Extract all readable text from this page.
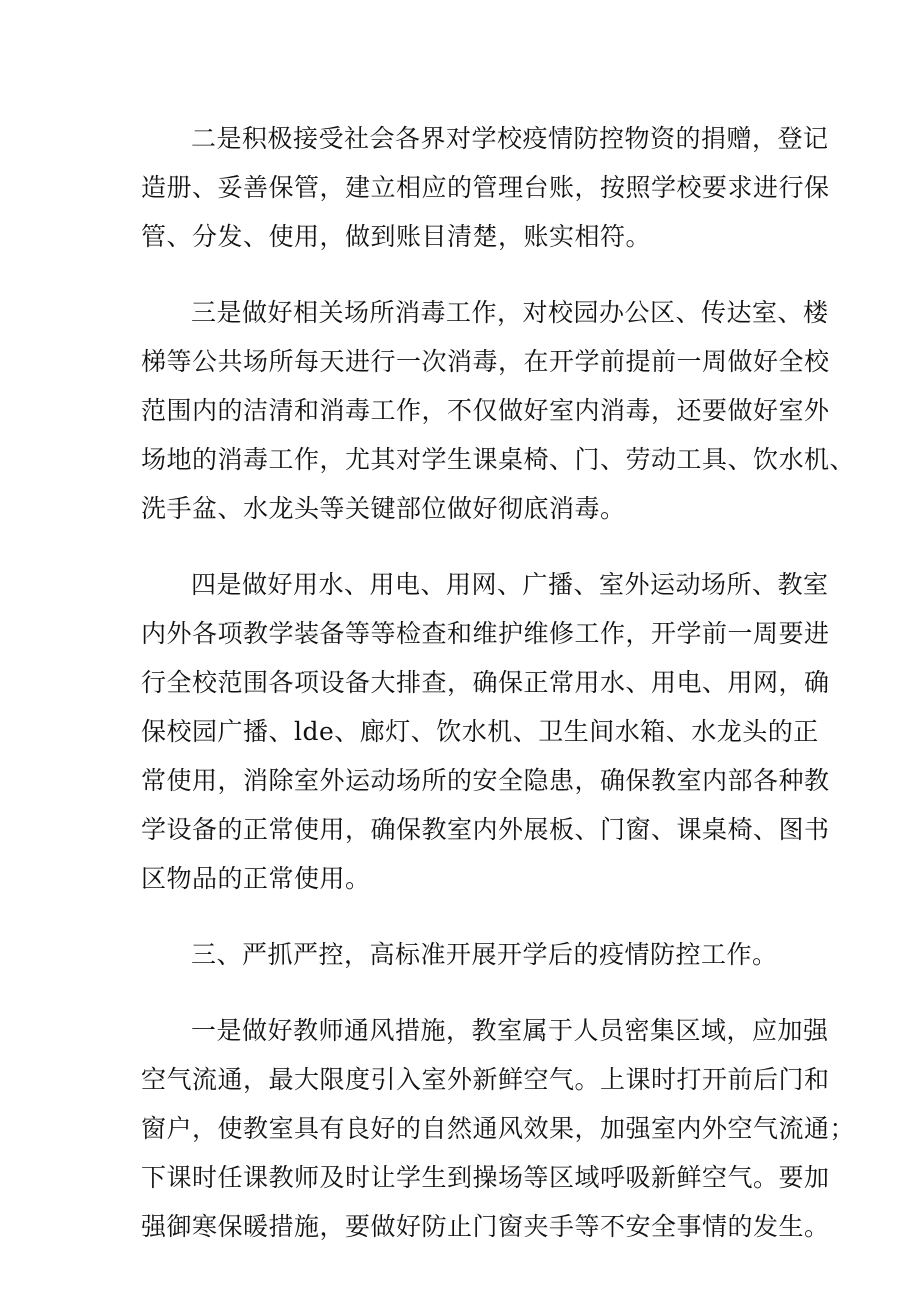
二是积极接受社会各界对学校疫情防控物资的捐赠，登记
造册、妥善保管，建立相应的管理台账，按照学校要求进行保
管、分发、使用，做到账目清楚，账实相符。
三是做好相关场所消毒工作，对校园办公区、传达室、楼
梯等公共场所每天进行一次消毒，在开学前提前一周做好全校
范围内的洁清和消毒工作，不仅做好室内消毒，还要做好室外
场地的消毒工作，尤其对学生课桌椅、门、劳动工具、饮水机、
洗手盆、水龙头等关键部位做好彻底消毒。
四是做好用水、用电、用网、广播、室外运动场所、教室
内外各项教学装备等等检查和维护维修工作，开学前一周要进
行全校范围各项设备大排查，确保正常用水、用电、用网，确
保校园广播、lde、廊灯、饮水机、卫生间水箱、水龙头的正
常使用，消除室外运动场所的安全隐患，确保教室内部各种教
学设备的正常使用，确保教室内外展板、门窗、课桌椅、图书
区物品的正常使用。
三、严抓严控，高标准开展开学后的疫情防控工作。
一是做好教师通风措施，教室属于人员密集区域，应加强
空气流通，最大限度引入室外新鲜空气。上课时打开前后门和
窗户，使教室具有良好的自然通风效果，加强室内外空气流通；
下课时任课教师及时让学生到操场等区域呼吸新鲜空气。要加
强御寒保暖措施，要做好防止门窗夹手等不安全事情的发生。
